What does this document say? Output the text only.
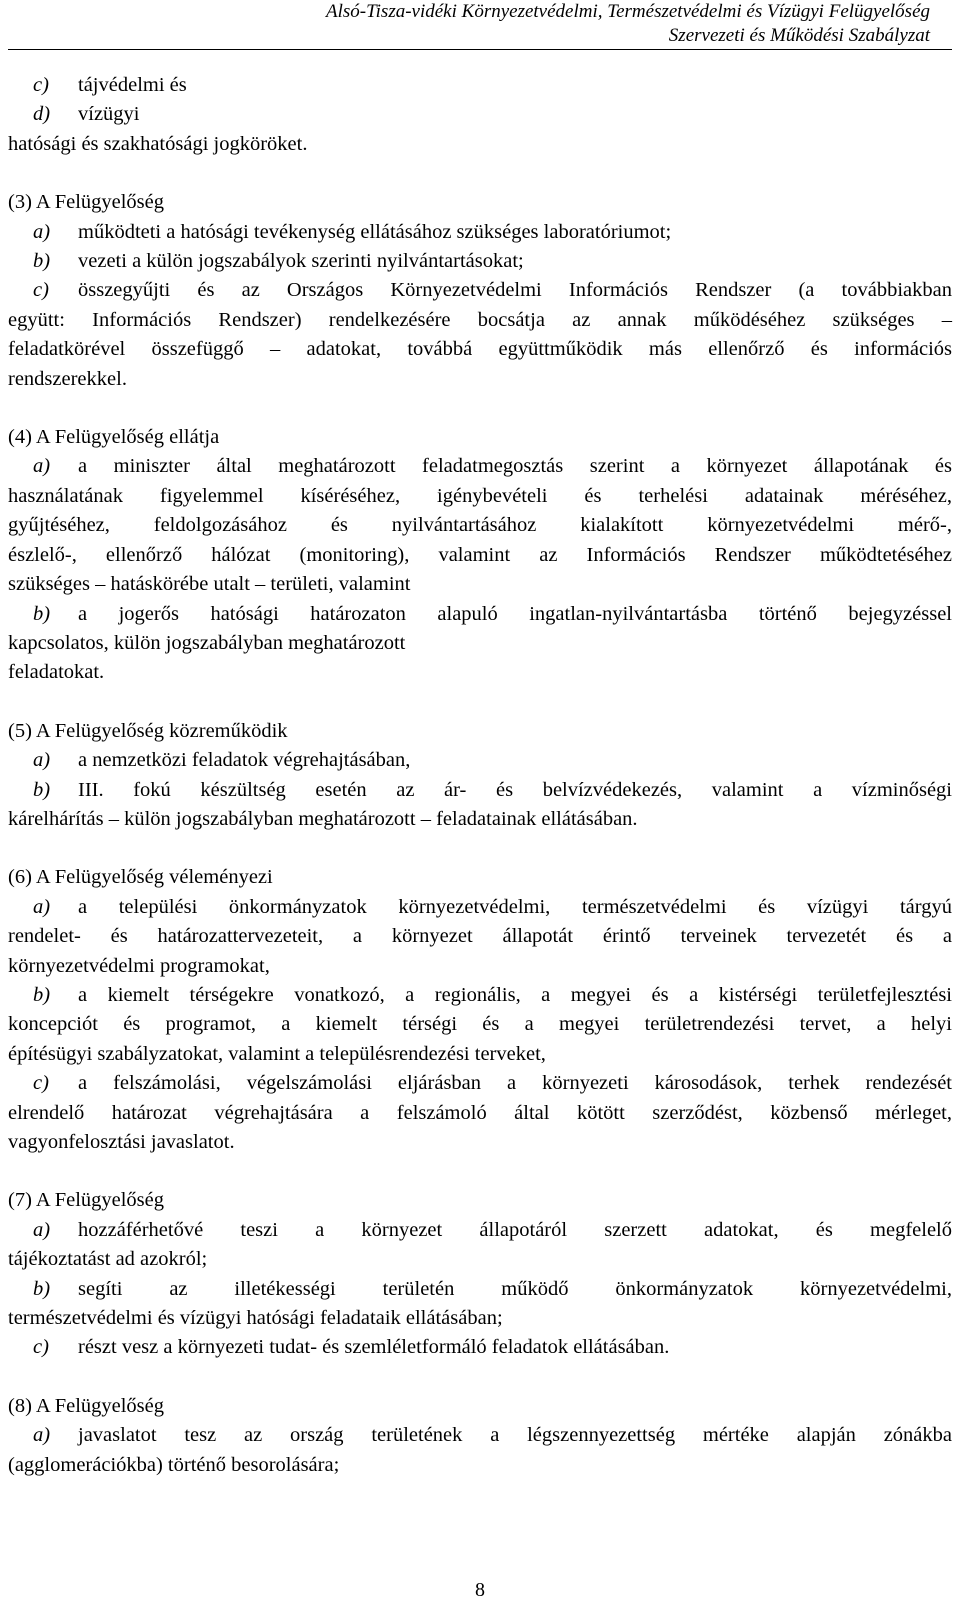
Alsó-Tisza-vidéki Környezetvédelmi, Természetvédelmi és Vízügyi Felügyelőség
Szervezeti és Működési Szabályzat
c) tájvédelmi és
d) vízügyi
hatósági és szakhatósági jogköröket.
(3) A Felügyelőség
a) működteti a hatósági tevékenység ellátásához szükséges laboratóriumot;
b) vezeti a külön jogszabályok szerinti nyilvántartásokat;
c) összegyűjti és az Országos Környezetvédelmi Információs Rendszer (a továbbiakban
együtt: Információs Rendszer) rendelkezésére bocsátja az annak működéséhez szükséges –
feladatkörével összefüggő – adatokat, továbbá együttműködik más ellenőrző és információs
rendszerekkel.
(4) A Felügyelőség ellátja
a) a miniszter által meghatározott feladatmegosztás szerint a környezet állapotának és
használatának figyelemmel kíséréséhez, igénybevételi és terhelési adatainak méréséhez,
gyűjtéséhez, feldolgozásához és nyilvántartásához kialakított környezetvédelmi mérő-,
észlelő-, ellenőrző hálózat (monitoring), valamint az Információs Rendszer működtetéséhez
szükséges – hatáskörébe utalt – területi, valamint
b) a jogerős hatósági határozaton alapuló ingatlan-nyilvántartásba történő bejegyzéssel
kapcsolatos, külön jogszabályban meghatározott
feladatokat.
(5) A Felügyelőség közreműködik
a) a nemzetközi feladatok végrehajtásában,
b) III. fokú készültség esetén az ár- és belvízvédekezés, valamint a vízminőségi
kárelhárítás – külön jogszabályban meghatározott – feladatainak ellátásában.
(6) A Felügyelőség véleményezi
a) a települési önkormányzatok környezetvédelmi, természetvédelmi és vízügyi tárgyú
rendelet- és határozattervezeteit, a környezet állapotát érintő terveinek tervezetét és a
környezetvédelmi programokat,
b) a kiemelt térségekre vonatkozó, a regionális, a megyei és a kistérségi területfejlesztési
koncepciót és programot, a kiemelt térségi és a megyei területrendezési tervet, a helyi
építésügyi szabályzatokat, valamint a településrendezési terveket,
c) a felszámolási, végelszámolási eljárásban a környezeti károsodások, terhek rendezését
elrendelő határozat végrehajtására a felszámoló által kötött szerződést, közbenső mérleget,
vagyonfelosztási javaslatot.
(7) A Felügyelőség
a) hozzáférhetővé teszi a környezet állapotáról szerzett adatokat, és megfelelő
tájékoztatást ad azokról;
b) segíti az illetékességi területén működő önkormányzatok környezetvédelmi,
természetvédelmi és vízügyi hatósági feladataik ellátásában;
c) részt vesz a környezeti tudat- és szemléletformáló feladatok ellátásában.
(8) A Felügyelőség
a) javaslatot tesz az ország területének a légszennyezettség mértéke alapján zónákba
(agglomerációkba) történő besorolására;
8
